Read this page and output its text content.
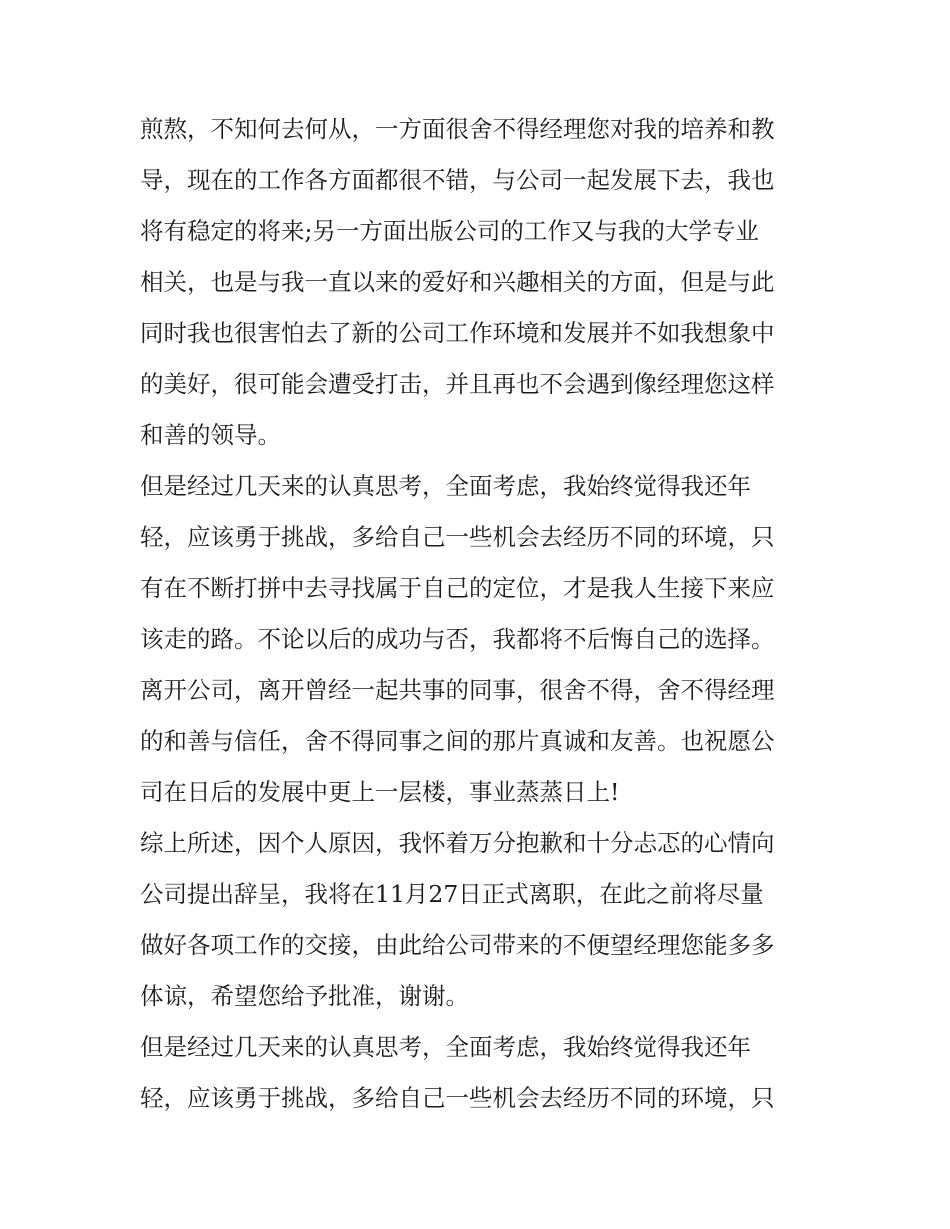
煎熬，不知何去何从，一方面很舍不得经理您对我的培养和教
导，现在的工作各方面都很不错，与公司一起发展下去，我也
将有稳定的将来;另一方面出版公司的工作又与我的大学专业
相关，也是与我一直以来的爱好和兴趣相关的方面，但是与此
同时我也很害怕去了新的公司工作环境和发展并不如我想象中
的美好，很可能会遭受打击，并且再也不会遇到像经理您这样
和善的领导。
但是经过几天来的认真思考，全面考虑，我始终觉得我还年
轻，应该勇于挑战，多给自己一些机会去经历不同的环境，只
有在不断打拼中去寻找属于自己的定位，才是我人生接下来应
该走的路。不论以后的成功与否，我都将不后悔自己的选择。
离开公司，离开曾经一起共事的同事，很舍不得，舍不得经理
的和善与信任，舍不得同事之间的那片真诚和友善。也祝愿公
司在日后的发展中更上一层楼，事业蒸蒸日上!
综上所述，因个人原因，我怀着万分抱歉和十分忐忑的心情向
公司提出辞呈，我将在11月27日正式离职，在此之前将尽量
做好各项工作的交接，由此给公司带来的不便望经理您能多多
体谅，希望您给予批准，谢谢。
但是经过几天来的认真思考，全面考虑，我始终觉得我还年
轻，应该勇于挑战，多给自己一些机会去经历不同的环境，只
